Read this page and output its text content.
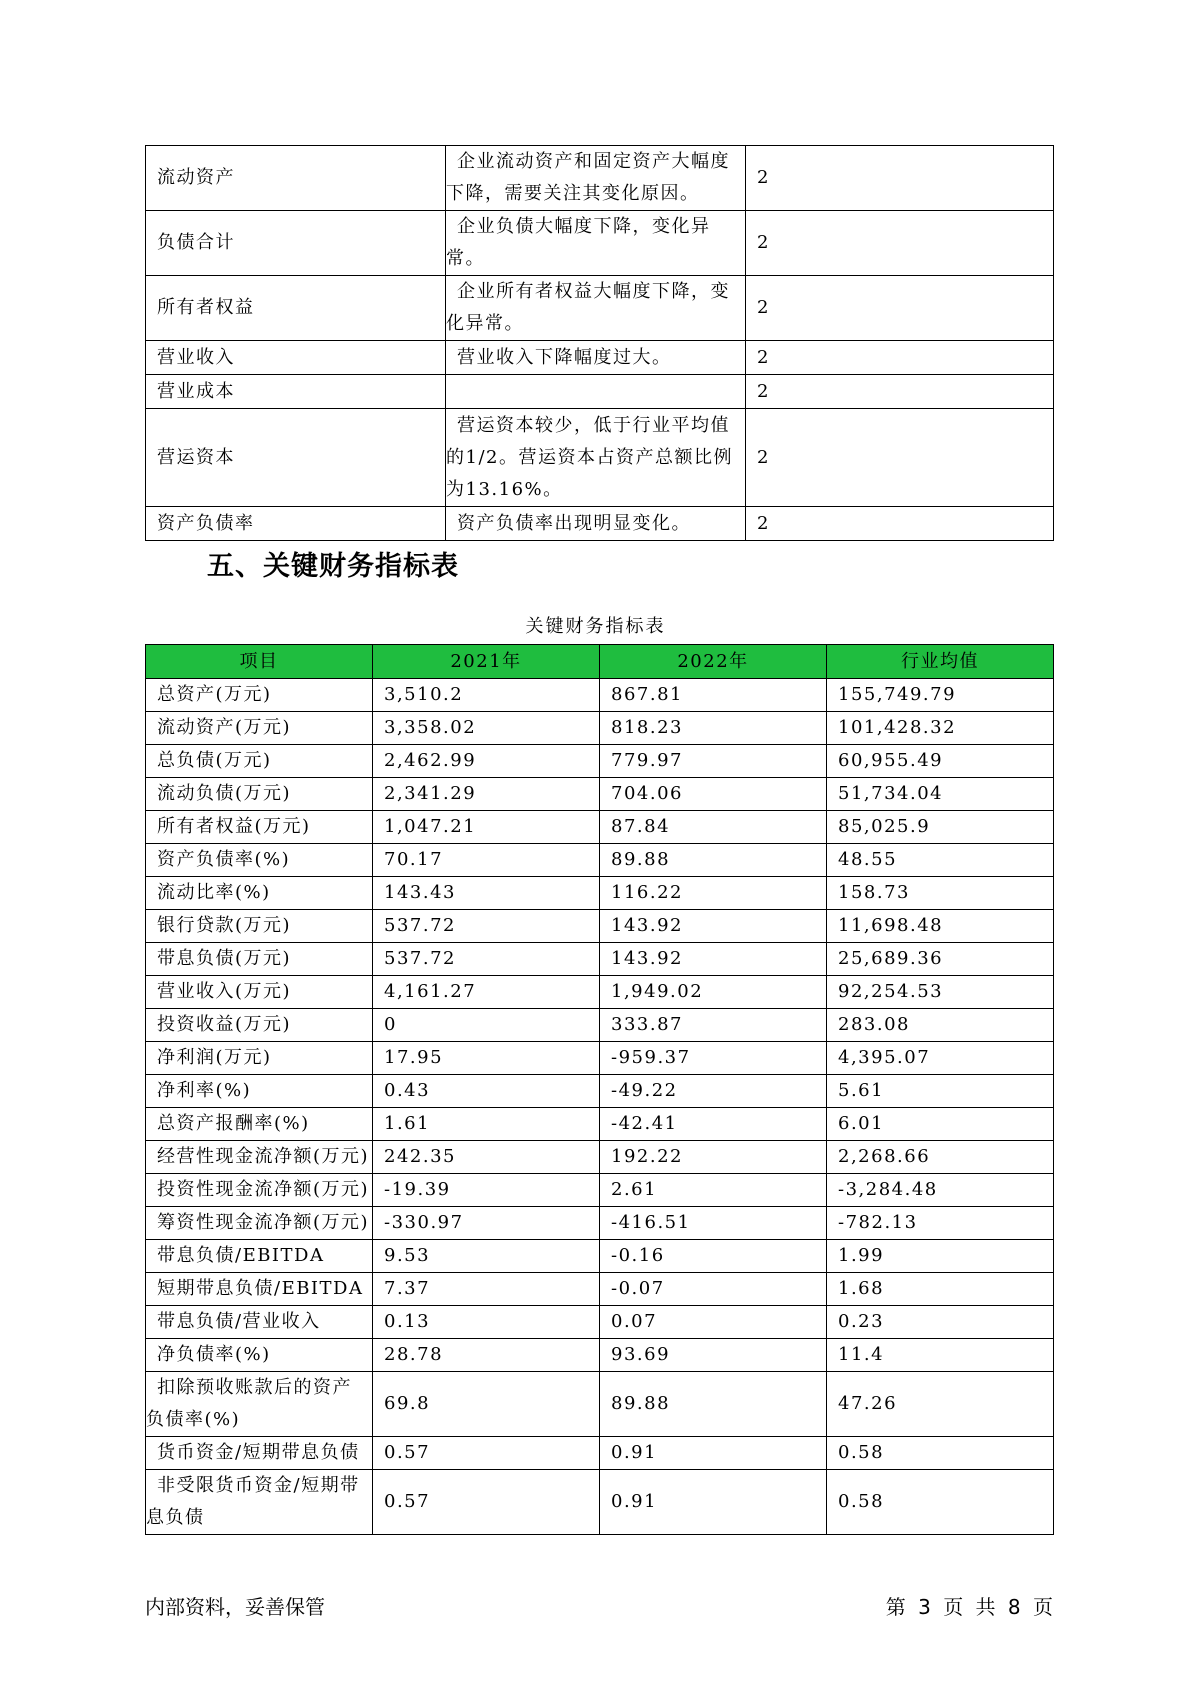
流动资产	企业流动资产和固定资产大幅度下降，需要关注其变化原因。	2
负债合计	企业负债大幅度下降，变化异常。	2
所有者权益	企业所有者权益大幅度下降，变化异常。	2
营业收入	营业收入下降幅度过大。	2
营业成本		2
营运资本	营运资本较少，低于行业平均值的1/2。营运资本占资产总额比例为13.16%。	2
资产负债率	资产负债率出现明显变化。	2
五、关键财务指标表
关键财务指标表
项目	2021年	2022年	行业均值
总资产(万元)	3,510.2	867.81	155,749.79
流动资产(万元)	3,358.02	818.23	101,428.32
总负债(万元)	2,462.99	779.97	60,955.49
流动负债(万元)	2,341.29	704.06	51,734.04
所有者权益(万元)	1,047.21	87.84	85,025.9
资产负债率(%)	70.17	89.88	48.55
流动比率(%)	143.43	116.22	158.73
银行贷款(万元)	537.72	143.92	11,698.48
带息负债(万元)	537.72	143.92	25,689.36
营业收入(万元)	4,161.27	1,949.02	92,254.53
投资收益(万元)	0	333.87	283.08
净利润(万元)	17.95	-959.37	4,395.07
净利率(%)	0.43	-49.22	5.61
总资产报酬率(%)	1.61	-42.41	6.01
经营性现金流净额(万元)	242.35	192.22	2,268.66
投资性现金流净额(万元)	-19.39	2.61	-3,284.48
筹资性现金流净额(万元)	-330.97	-416.51	-782.13
带息负债/EBITDA	9.53	-0.16	1.99
短期带息负债/EBITDA	7.37	-0.07	1.68
带息负债/营业收入	0.13	0.07	0.23
净负债率(%)	28.78	93.69	11.4
扣除预收账款后的资产负债率(%)	69.8	89.88	47.26
货币资金/短期带息负债	0.57	0.91	0.58
非受限货币资金/短期带息负债	0.57	0.91	0.58
内部资料，妥善保管	第 3 页 共 8 页
